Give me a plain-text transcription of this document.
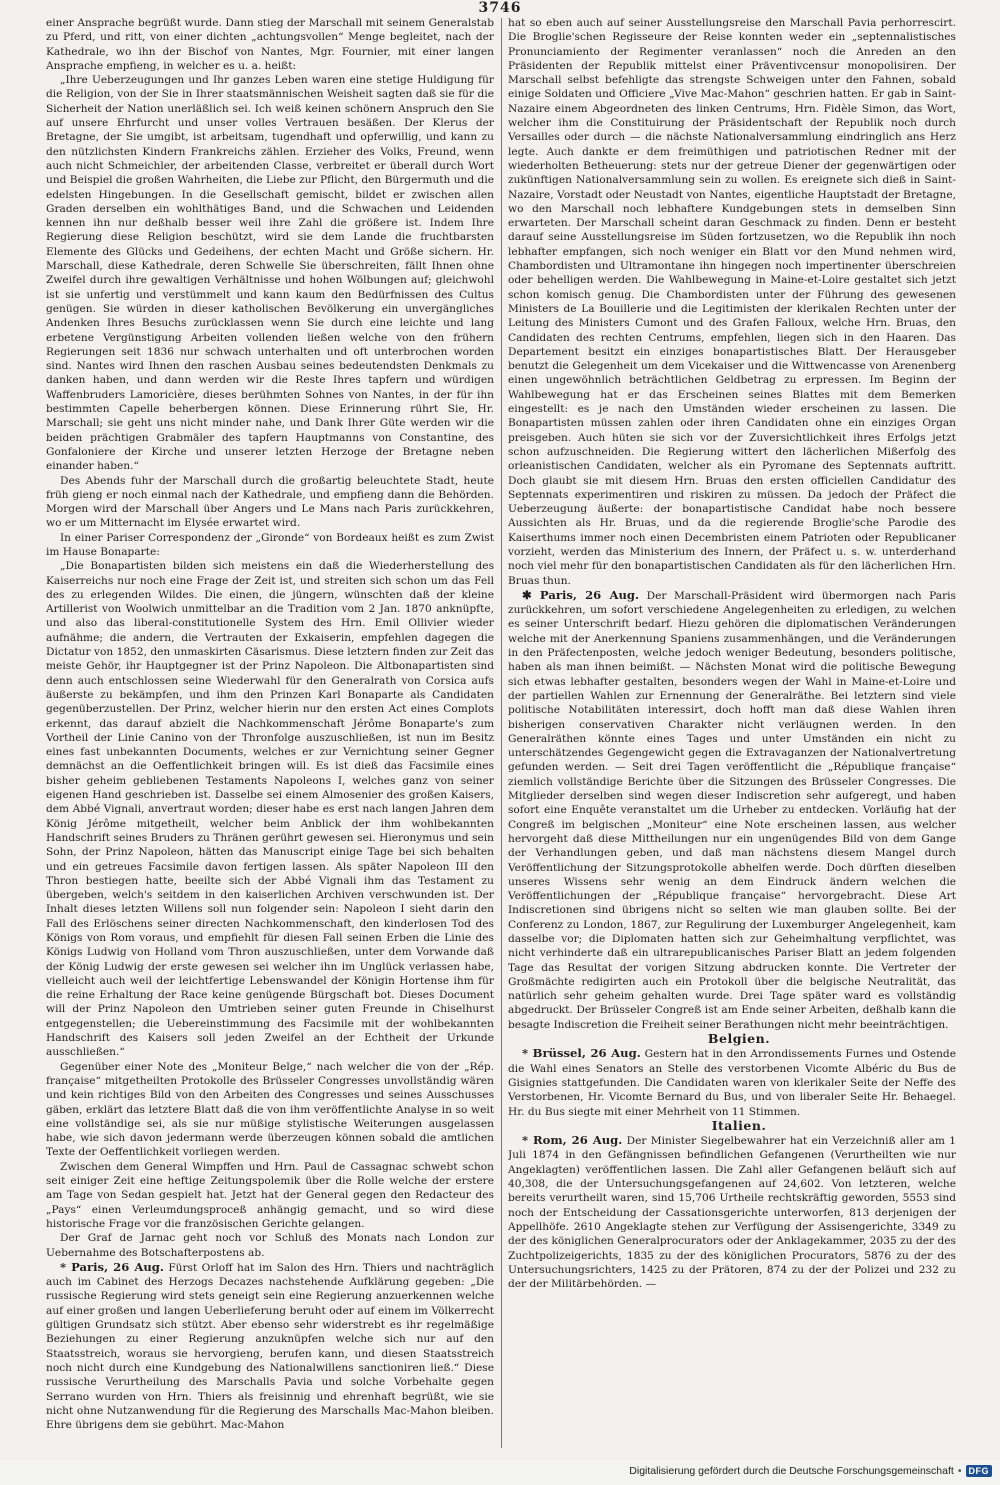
3746

einer Ansprache begrüßt wurde. Dann stieg der Marschall mit seinem Generalstab zu Pferd, und ritt, von einer dichten „achtungsvollen“ Menge begleitet, nach der Kathedrale, wo ihn der Bischof von Nantes, Mgr. Fournier, mit einer langen Ansprache empfieng, in welcher es u. a. heißt:

„Ihre Ueberzeugungen und Ihr ganzes Leben waren eine stetige Huldigung für die Religion, von der Sie in Ihrer staatsmännischen Weisheit sagten daß sie für die Sicherheit der Nation unerläßlich sei. Ich weiß keinen schönern Anspruch den Sie auf unsere Ehrfurcht und unser volles Vertrauen besäßen. Der Klerus der Bretagne, der Sie umgibt, ist arbeitsam, tugendhaft und opferwillig, und kann zu den nützlichsten Kindern Frankreichs zählen. Erzieher des Volks, Freund, wenn auch nicht Schmeichler, der arbeitenden Classe, verbreitet er überall durch Wort und Beispiel die großen Wahrheiten, die Liebe zur Pflicht, den Bürgermuth und die edelsten Hingebungen. In die Gesellschaft gemischt, bildet er zwischen allen Graden derselben ein wohlthätiges Band, und die Schwachen und Leidenden kennen ihn nur deßhalb besser weil ihre Zahl die größere ist. Indem Ihre Regierung diese Religion beschützt, wird sie dem Lande die fruchtbarsten Elemente des Glücks und Gedeihens, der echten Macht und Größe sichern. Hr. Marschall, diese Kathedrale, deren Schwelle Sie überschreiten, fällt Ihnen ohne Zweifel durch ihre gewaltigen Verhältnisse und hohen Wölbungen auf; gleichwohl ist sie unfertig und verstümmelt und kann kaum den Bedürfnissen des Cultus genügen. Sie würden in dieser katholischen Bevölkerung ein unvergängliches Andenken Ihres Besuchs zurücklassen wenn Sie durch eine leichte und lang erbetene Vergünstigung Arbeiten vollenden ließen welche von den frühern Regierungen seit 1836 nur schwach unterhalten und oft unterbrochen worden sind. Nantes wird Ihnen den raschen Ausbau seines bedeutendsten Denkmals zu danken haben, und dann werden wir die Reste Ihres tapfern und würdigen Waffenbruders Lamoricière, dieses berühmten Sohnes von Nantes, in der für ihn bestimmten Capelle beherbergen können. Diese Erinnerung rührt Sie, Hr. Marschall; sie geht uns nicht minder nahe, und Dank Ihrer Güte werden wir die beiden prächtigen Grabmäler des tapfern Hauptmanns von Constantine, des Gonfaloniere der Kirche und unserer letzten Herzoge der Bretagne neben einander haben.“

Des Abends fuhr der Marschall durch die großartig beleuchtete Stadt, heute früh gieng er noch einmal nach der Kathedrale, und empfieng dann die Behörden. Morgen wird der Marschall über Angers und Le Mans nach Paris zurückkehren, wo er um Mitternacht im Elysée erwartet wird.

In einer Pariser Correspondenz der „Gironde“ von Bordeaux heißt es zum Zwist im Hause Bonaparte:

„Die Bonapartisten bilden sich meistens ein daß die Wiederherstellung des Kaiserreichs nur noch eine Frage der Zeit ist, und streiten sich schon um das Fell des zu erlegenden Wildes. Die einen, die jüngern, wünschten daß der kleine Artillerist von Woolwich unmittelbar an die Tradition vom 2 Jan. 1870 anknüpfte, und also das liberal-constitutionelle System des Hrn. Emil Ollivier wieder aufnähme; die andern, die Vertrauten der Exkaiserin, empfehlen dagegen die Dictatur von 1852, den unmaskirten Cäsarismus. Diese letztern finden zur Zeit das meiste Gehör, ihr Hauptgegner ist der Prinz Napoleon. Die Altbonapartisten sind denn auch entschlossen seine Wiederwahl für den Generalrath von Corsica aufs äußerste zu bekämpfen, und ihm den Prinzen Karl Bonaparte als Candidaten gegenüberzustellen. Der Prinz, welcher hierin nur den ersten Act eines Complots erkennt, das darauf abzielt die Nachkommenschaft Jérôme Bonaparte's zum Vortheil der Linie Canino von der Thronfolge auszuschließen, ist nun im Besitz eines fast unbekannten Documents, welches er zur Vernichtung seiner Gegner demnächst an die Oeffentlichkeit bringen will. Es ist dieß das Facsimile eines bisher geheim gebliebenen Testaments Napoleons I, welches ganz von seiner eigenen Hand geschrieben ist. Dasselbe sei einem Almosenier des großen Kaisers, dem Abbé Vignali, anvertraut worden; dieser habe es erst nach langen Jahren dem König Jérôme mitgetheilt, welcher beim Anblick der ihm wohlbekannten Handschrift seines Bruders zu Thränen gerührt gewesen sei. Hieronymus und sein Sohn, der Prinz Napoleon, hätten das Manuscript einige Tage bei sich behalten und ein getreues Facsimile davon fertigen lassen. Als später Napoleon III den Thron bestiegen hatte, beeilte sich der Abbé Vignali ihm das Testament zu übergeben, welch's seitdem in den kaiserlichen Archiven verschwunden ist. Der Inhalt dieses letzten Willens soll nun folgender sein: Napoleon I sieht darin den Fall des Erlöschens seiner directen Nachkommenschaft, den kinderlosen Tod des Königs von Rom voraus, und empfiehlt für diesen Fall seinen Erben die Linie des Königs Ludwig von Holland vom Thron auszuschließen, unter dem Vorwande daß der König Ludwig der erste gewesen sei welcher ihn im Unglück verlassen habe, vielleicht auch weil der leichtfertige Lebenswandel der Königin Hortense ihm für die reine Erhaltung der Race keine genügende Bürgschaft bot. Dieses Document will der Prinz Napoleon den Umtrieben seiner guten Freunde in Chiselhurst entgegenstellen; die Uebereinstimmung des Facsimile mit der wohlbekannten Handschrift des Kaisers soll jeden Zweifel an der Echtheit der Urkunde ausschließen.“

Gegenüber einer Note des „Moniteur Belge,“ nach welcher die von der „Rép. française“ mitgetheilten Protokolle des Brüsseler Congresses unvollständig wären und kein richtiges Bild von den Arbeiten des Congresses und seines Ausschusses gäben, erklärt das letztere Blatt daß die von ihm veröffentlichte Analyse in so weit eine vollständige sei, als sie nur müßige stylistische Weiterungen ausgelassen habe, wie sich davon jedermann werde überzeugen können sobald die amtlichen Texte der Oeffentlichkeit vorliegen werden.

Zwischen dem General Wimpffen und Hrn. Paul de Cassagnac schwebt schon seit einiger Zeit eine heftige Zeitungspolemik über die Rolle welche der erstere am Tage von Sedan gespielt hat. Jetzt hat der General gegen den Redacteur des „Pays“ einen Verleumdungsproceß anhängig gemacht, und so wird diese historische Frage vor die französischen Gerichte gelangen.

Der Graf de Jarnac geht noch vor Schluß des Monats nach London zur Uebernahme des Botschafterpostens ab.

* Paris, 26 Aug. Fürst Orloff hat im Salon des Hrn. Thiers und nachträglich auch im Cabinet des Herzogs Decazes nachstehende Aufklärung gegeben: „Die russische Regierung wird stets geneigt sein eine Regierung anzuerkennen welche auf einer großen und langen Ueberlieferung beruht oder auf einem im Völkerrecht gültigen Grundsatz sich stützt. Aber ebenso sehr widerstrebt es ihr regelmäßige Beziehungen zu einer Regierung anzuknüpfen welche sich nur auf den Staatsstreich, woraus sie hervorgieng, berufen kann, und diesen Staatsstreich noch nicht durch eine Kundgebung des Nationalwillens sanctioniren ließ.“ Diese russische Verurtheilung des Marschalls Pavia und solche Vorbehalte gegen Serrano wurden von Hrn. Thiers als freisinnig und ehrenhaft begrüßt, wie sie nicht ohne Nutzanwendung für die Regierung des Marschalls Mac-Mahon bleiben. Ehre übrigens dem sie gebührt. Mac-Mahon

hat so eben auch auf seiner Ausstellungsreise den Marschall Pavia perhorrescirt. Die Broglie'schen Regisseure der Reise konnten weder ein „septennalistisches Pronunciamiento der Regimenter veranlassen“ noch die Anreden an den Präsidenten der Republik mittelst einer Präventivcensur monopolisiren. Der Marschall selbst befehligte das strengste Schweigen unter den Fahnen, sobald einige Soldaten und Officiere „Vive Mac-Mahon“ geschrien hatten. Er gab in Saint-Nazaire einem Abgeordneten des linken Centrums, Hrn. Fidèle Simon, das Wort, welcher ihm die Constituirung der Präsidentschaft der Republik noch durch Versailles oder durch — die nächste Nationalversammlung eindringlich ans Herz legte. Auch dankte er dem freimüthigen und patriotischen Redner mit der wiederholten Betheuerung: stets nur der getreue Diener der gegenwärtigen oder zukünftigen Nationalversammlung sein zu wollen. Es ereignete sich dieß in Saint-Nazaire, Vorstadt oder Neustadt von Nantes, eigentliche Hauptstadt der Bretagne, wo den Marschall noch lebhaftere Kundgebungen stets in demselben Sinn erwarteten. Der Marschall scheint daran Geschmack zu finden. Denn er besteht darauf seine Ausstellungsreise im Süden fortzusetzen, wo die Republik ihn noch lebhafter empfangen, sich noch weniger ein Blatt vor den Mund nehmen wird, Chambordisten und Ultramontane ihn hingegen noch impertinenter überschreien oder behelligen werden. Die Wahlbewegung in Maine-et-Loire gestaltet sich jetzt schon komisch genug. Die Chambordisten unter der Führung des gewesenen Ministers de La Bouillerie und die Legitimisten der klerikalen Rechten unter der Leitung des Ministers Cumont und des Grafen Falloux, welche Hrn. Bruas, den Candidaten des rechten Centrums, empfehlen, liegen sich in den Haaren. Das Departement besitzt ein einziges bonapartistisches Blatt. Der Herausgeber benutzt die Gelegenheit um dem Vicekaiser und die Wittwencasse von Arenenberg einen ungewöhnlich beträchtlichen Geldbetrag zu erpressen. Im Beginn der Wahlbewegung hat er das Erscheinen seines Blattes mit dem Bemerken eingestellt: es je nach den Umständen wieder erscheinen zu lassen. Die Bonapartisten müssen zahlen oder ihren Candidaten ohne ein einziges Organ preisgeben. Auch hüten sie sich vor der Zuversichtlichkeit ihres Erfolgs jetzt schon aufzuschneiden. Die Regierung wittert den lächerlichen Mißerfolg des orleanistischen Candidaten, welcher als ein Pyromane des Septennats auftritt. Doch glaubt sie mit diesem Hrn. Bruas den ersten officiellen Candidatur des Septennats experimentiren und riskiren zu müssen. Da jedoch der Präfect die Ueberzeugung äußerte: der bonapartistische Candidat habe noch bessere Aussichten als Hr. Bruas, und da die regierende Broglie'sche Parodie des Kaiserthums immer noch einen Decembristen einem Patrioten oder Republicaner vorzieht, werden das Ministerium des Innern, der Präfect u. s. w. unterderhand noch viel mehr für den bonapartistischen Candidaten als für den lächerlichen Hrn. Bruas thun.

✱ Paris, 26 Aug. Der Marschall-Präsident wird übermorgen nach Paris zurückkehren, um sofort verschiedene Angelegenheiten zu erledigen, zu welchen es seiner Unterschrift bedarf. Hiezu gehören die diplomatischen Veränderungen welche mit der Anerkennung Spaniens zusammenhängen, und die Veränderungen in den Präfectenposten, welche jedoch weniger Bedeutung, besonders politische, haben als man ihnen beimißt. — Nächsten Monat wird die politische Bewegung sich etwas lebhafter gestalten, besonders wegen der Wahl in Maine-et-Loire und der partiellen Wahlen zur Ernennung der Generalräthe. Bei letztern sind viele politische Notabilitäten interessirt, doch hofft man daß diese Wahlen ihren bisherigen conservativen Charakter nicht verläugnen werden. In den Generalräthen könnte eines Tages und unter Umständen ein nicht zu unterschätzendes Gegengewicht gegen die Extravaganzen der Nationalvertretung gefunden werden. — Seit drei Tagen veröffentlicht die „République française“ ziemlich vollständige Berichte über die Sitzungen des Brüsseler Congresses. Die Mitglieder derselben sind wegen dieser Indiscretion sehr aufgeregt, und haben sofort eine Enquête veranstaltet um die Urheber zu entdecken. Vorläufig hat der Congreß im belgischen „Moniteur“ eine Note erscheinen lassen, aus welcher hervorgeht daß diese Mittheilungen nur ein ungenügendes Bild von dem Gange der Verhandlungen geben, und daß man nächstens diesem Mangel durch Veröffentlichung der Sitzungsprotokolle abhelfen werde. Doch dürften dieselben unseres Wissens sehr wenig an dem Eindruck ändern welchen die Veröffentlichungen der „République française“ hervorgebracht. Diese Art Indiscretionen sind übrigens nicht so selten wie man glauben sollte. Bei der Conferenz zu London, 1867, zur Regulirung der Luxemburger Angelegenheit, kam dasselbe vor; die Diplomaten hatten sich zur Geheimhaltung verpflichtet, was nicht verhinderte daß ein ultrarepublicanisches Pariser Blatt an jedem folgenden Tage das Resultat der vorigen Sitzung abdrucken konnte. Die Vertreter der Großmächte redigirten auch ein Protokoll über die belgische Neutralität, das natürlich sehr geheim gehalten wurde. Drei Tage später ward es vollständig abgedruckt. Der Brüsseler Congreß ist am Ende seiner Arbeiten, deßhalb kann die besagte Indiscretion die Freiheit seiner Berathungen nicht mehr beeinträchtigen.

Belgien.

* Brüssel, 26 Aug. Gestern hat in den Arrondissements Furnes und Ostende die Wahl eines Senators an Stelle des verstorbenen Vicomte Albéric du Bus de Gisignies stattgefunden. Die Candidaten waren von klerikaler Seite der Neffe des Verstorbenen, Hr. Vicomte Bernard du Bus, und von liberaler Seite Hr. Behaegel. Hr. du Bus siegte mit einer Mehrheit von 11 Stimmen.

Italien.

* Rom, 26 Aug. Der Minister Siegelbewahrer hat ein Verzeichniß aller am 1 Juli 1874 in den Gefängnissen befindlichen Gefangenen (Verurtheilten wie nur Angeklagten) veröffentlichen lassen. Die Zahl aller Gefangenen beläuft sich auf 40,308, die der Untersuchungsgefangenen auf 24,602. Von letzteren, welche bereits verurtheilt waren, sind 15,706 Urtheile rechtskräftig geworden, 5553 sind noch der Entscheidung der Cassationsgerichte unterworfen, 813 derjenigen der Appellhöfe. 2610 Angeklagte stehen zur Verfügung der Assisengerichte, 3349 zu der des königlichen Generalprocurators oder der Anklagekammer, 2035 zu der des Zuchtpolizeigerichts, 1835 zu der des königlichen Procurators, 5876 zu der des Untersuchungsrichters, 1425 zu der Prätoren, 874 zu der der Polizei und 232 zu der der Militärbehörden. —

Digitalisierung gefördert durch die Deutsche Forschungsgemeinschaft • DFG
